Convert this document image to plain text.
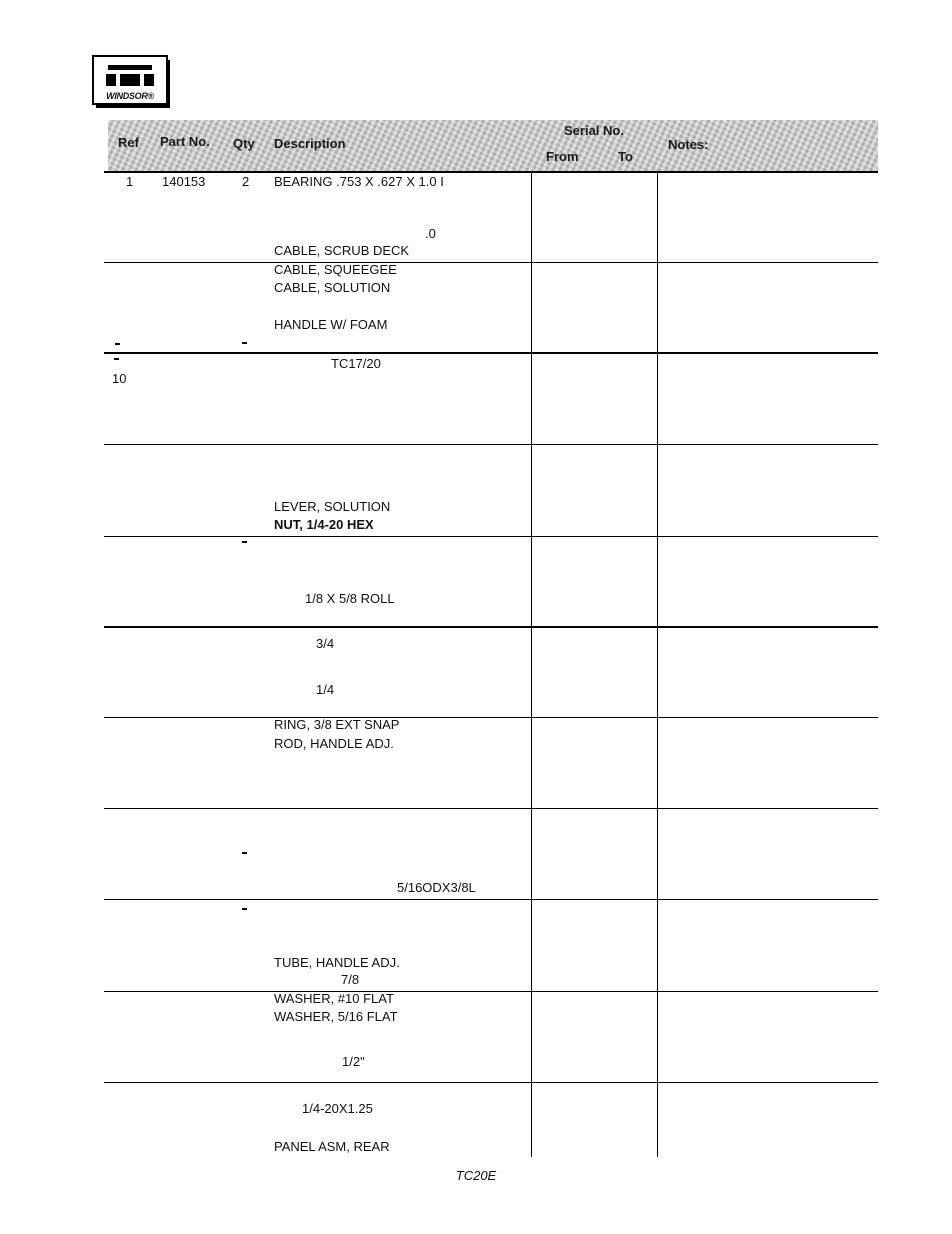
WINDSOR®
Ref Part No. Qty Description
Serial No.
From	To
Notes:
1 140153	2 BEARING .753 X .627 X 1.0 I
.0
CABLE, SCRUB DECK
CABLE, SQUEEGEE
CABLE, SOLUTION
HANDLE W/ FOAM
TC17/20
LEVER, SOLUTION
NUT, 1/4-20 HEX
1/8 X 5/8 ROLL
3/4
1/4
RING, 3/8 EXT SNAP
ROD, HANDLE ADJ.
5/16ODX3/8L
TUBE, HANDLE ADJ.
7/8
WASHER, #10 FLAT
WASHER, 5/16 FLAT
1/2"
1/4-20X1.25
PANEL ASM, REAR
10
TC20E
